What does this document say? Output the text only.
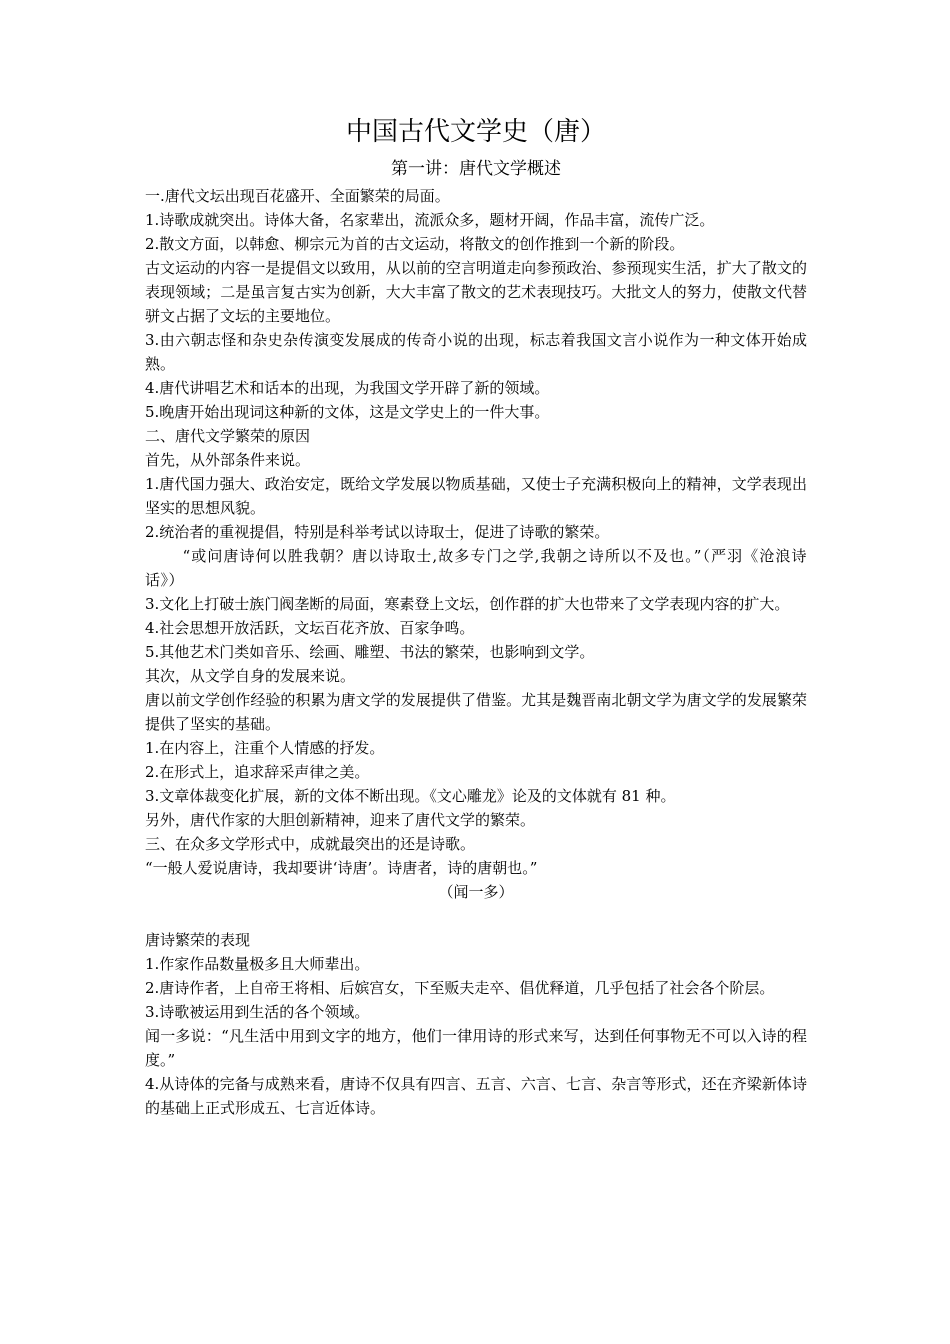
中国古代文学史（唐）
第一讲：唐代文学概述

一.唐代文坛出现百花盛开、全面繁荣的局面。

1.诗歌成就突出。诗体大备，名家辈出，流派众多，题材开阔，作品丰富，流传广泛。

2.散文方面，以韩愈、柳宗元为首的古文运动，将散文的创作推到一个新的阶段。

古文运动的内容一是提倡文以致用，从以前的空言明道走向参预政治、参预现实生活，扩大了散文的表现领域；二是虽言复古实为创新，大大丰富了散文的艺术表现技巧。大批文人的努力，使散文代替骈文占据了文坛的主要地位。

3.由六朝志怪和杂史杂传演变发展成的传奇小说的出现，标志着我国文言小说作为一种文体开始成熟。

4.唐代讲唱艺术和话本的出现，为我国文学开辟了新的领域。

5.晚唐开始出现词这种新的文体，这是文学史上的一件大事。

二、唐代文学繁荣的原因

首先，从外部条件来说。

1.唐代国力强大、政治安定，既给文学发展以物质基础，又使士子充满积极向上的精神，文学表现出坚实的思想风貌。

2.统治者的重视提倡，特别是科举考试以诗取士，促进了诗歌的繁荣。

“或问唐诗何以胜我朝？唐以诗取士,故多专门之学,我朝之诗所以不及也。”（严羽《沧浪诗话》）

3.文化上打破士族门阀垄断的局面，寒素登上文坛，创作群的扩大也带来了文学表现内容的扩大。

4.社会思想开放活跃，文坛百花齐放、百家争鸣。

5.其他艺术门类如音乐、绘画、雕塑、书法的繁荣，也影响到文学。

其次，从文学自身的发展来说。

唐以前文学创作经验的积累为唐文学的发展提供了借鉴。尤其是魏晋南北朝文学为唐文学的发展繁荣提供了坚实的基础。

1.在内容上，注重个人情感的抒发。

2.在形式上，追求辞采声律之美。

3.文章体裁变化扩展，新的文体不断出现。《文心雕龙》论及的文体就有 81 种。

另外，唐代作家的大胆创新精神，迎来了唐代文学的繁荣。

三、在众多文学形式中，成就最突出的还是诗歌。

“一般人爱说唐诗，我却要讲‘诗唐’。诗唐者，诗的唐朝也。”

（闻一多）

唐诗繁荣的表现

1.作家作品数量极多且大师辈出。

2.唐诗作者，上自帝王将相、后嫔宫女，下至贩夫走卒、倡优释道，几乎包括了社会各个阶层。

3.诗歌被运用到生活的各个领域。

闻一多说：“凡生活中用到文字的地方，他们一律用诗的形式来写，达到任何事物无不可以入诗的程度。”

4.从诗体的完备与成熟来看，唐诗不仅具有四言、五言、六言、七言、杂言等形式，还在齐梁新体诗的基础上正式形成五、七言近体诗。
